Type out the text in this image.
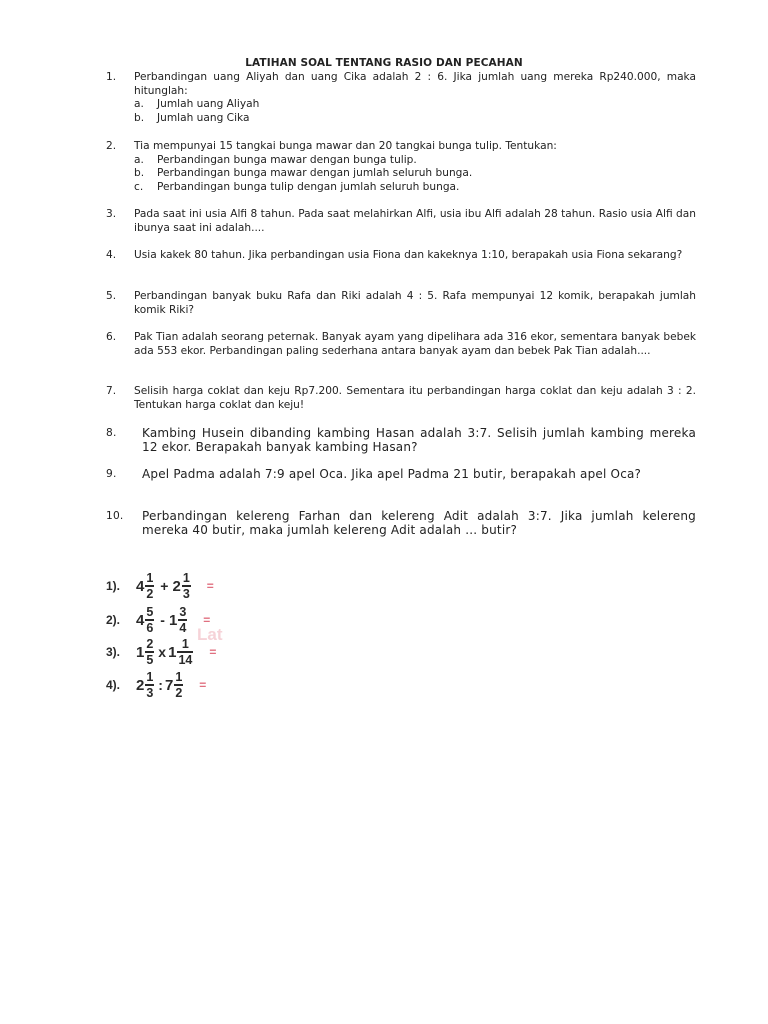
LATIHAN SOAL TENTANG RASIO DAN PECAHAN
1. Perbandingan uang Aliyah dan uang Cika adalah 2 : 6. Jika jumlah uang mereka Rp240.000, maka hitunglah:
a. Jumlah uang Aliyah
b. Jumlah uang Cika
2. Tia mempunyai 15 tangkai bunga mawar dan 20 tangkai bunga tulip. Tentukan:
a. Perbandingan bunga mawar dengan bunga tulip.
b. Perbandingan bunga mawar dengan jumlah seluruh bunga.
c. Perbandingan bunga tulip dengan jumlah seluruh bunga.
3. Pada saat ini usia Alfi 8 tahun. Pada saat melahirkan Alfi, usia ibu Alfi adalah 28 tahun. Rasio usia Alfi dan ibunya saat ini adalah....
4. Usia kakek 80 tahun. Jika perbandingan usia Fiona dan kakeknya 1:10, berapakah usia Fiona sekarang?
5. Perbandingan banyak buku Rafa dan Riki adalah 4 : 5. Rafa mempunyai 12 komik, berapakah jumlah komik Riki?
6. Pak Tian adalah seorang peternak. Banyak ayam yang dipelihara ada 316 ekor, sementara banyak bebek ada 553 ekor. Perbandingan paling sederhana antara banyak ayam dan bebek Pak Tian adalah....
7. Selisih harga coklat dan keju Rp7.200. Sementara itu perbandingan harga coklat dan keju adalah 3 : 2. Tentukan harga coklat dan keju!
8. Kambing Husein dibanding kambing Hasan adalah 3:7. Selisih jumlah kambing mereka 12 ekor. Berapakah banyak kambing Hasan?
9. Apel Padma adalah 7:9 apel Oca. Jika apel Padma 21 butir, berapakah apel Oca?
10. Perbandingan kelereng Farhan dan kelereng Adit adalah 3:7. Jika jumlah kelereng mereka 40 butir, maka jumlah kelereng Adit adalah ... butir?
1).	$4 \frac{1}{2} + 2 \frac{1}{3}$ =
2).	$4 \frac{5}{6} - 1 \frac{3}{4}$ =
3).	$1 \frac{2}{5}$ x $1 \frac{1}{14}$ =
4).	$2 \frac{1}{3}$ : $7 \frac{1}{2}$ =
Lat
